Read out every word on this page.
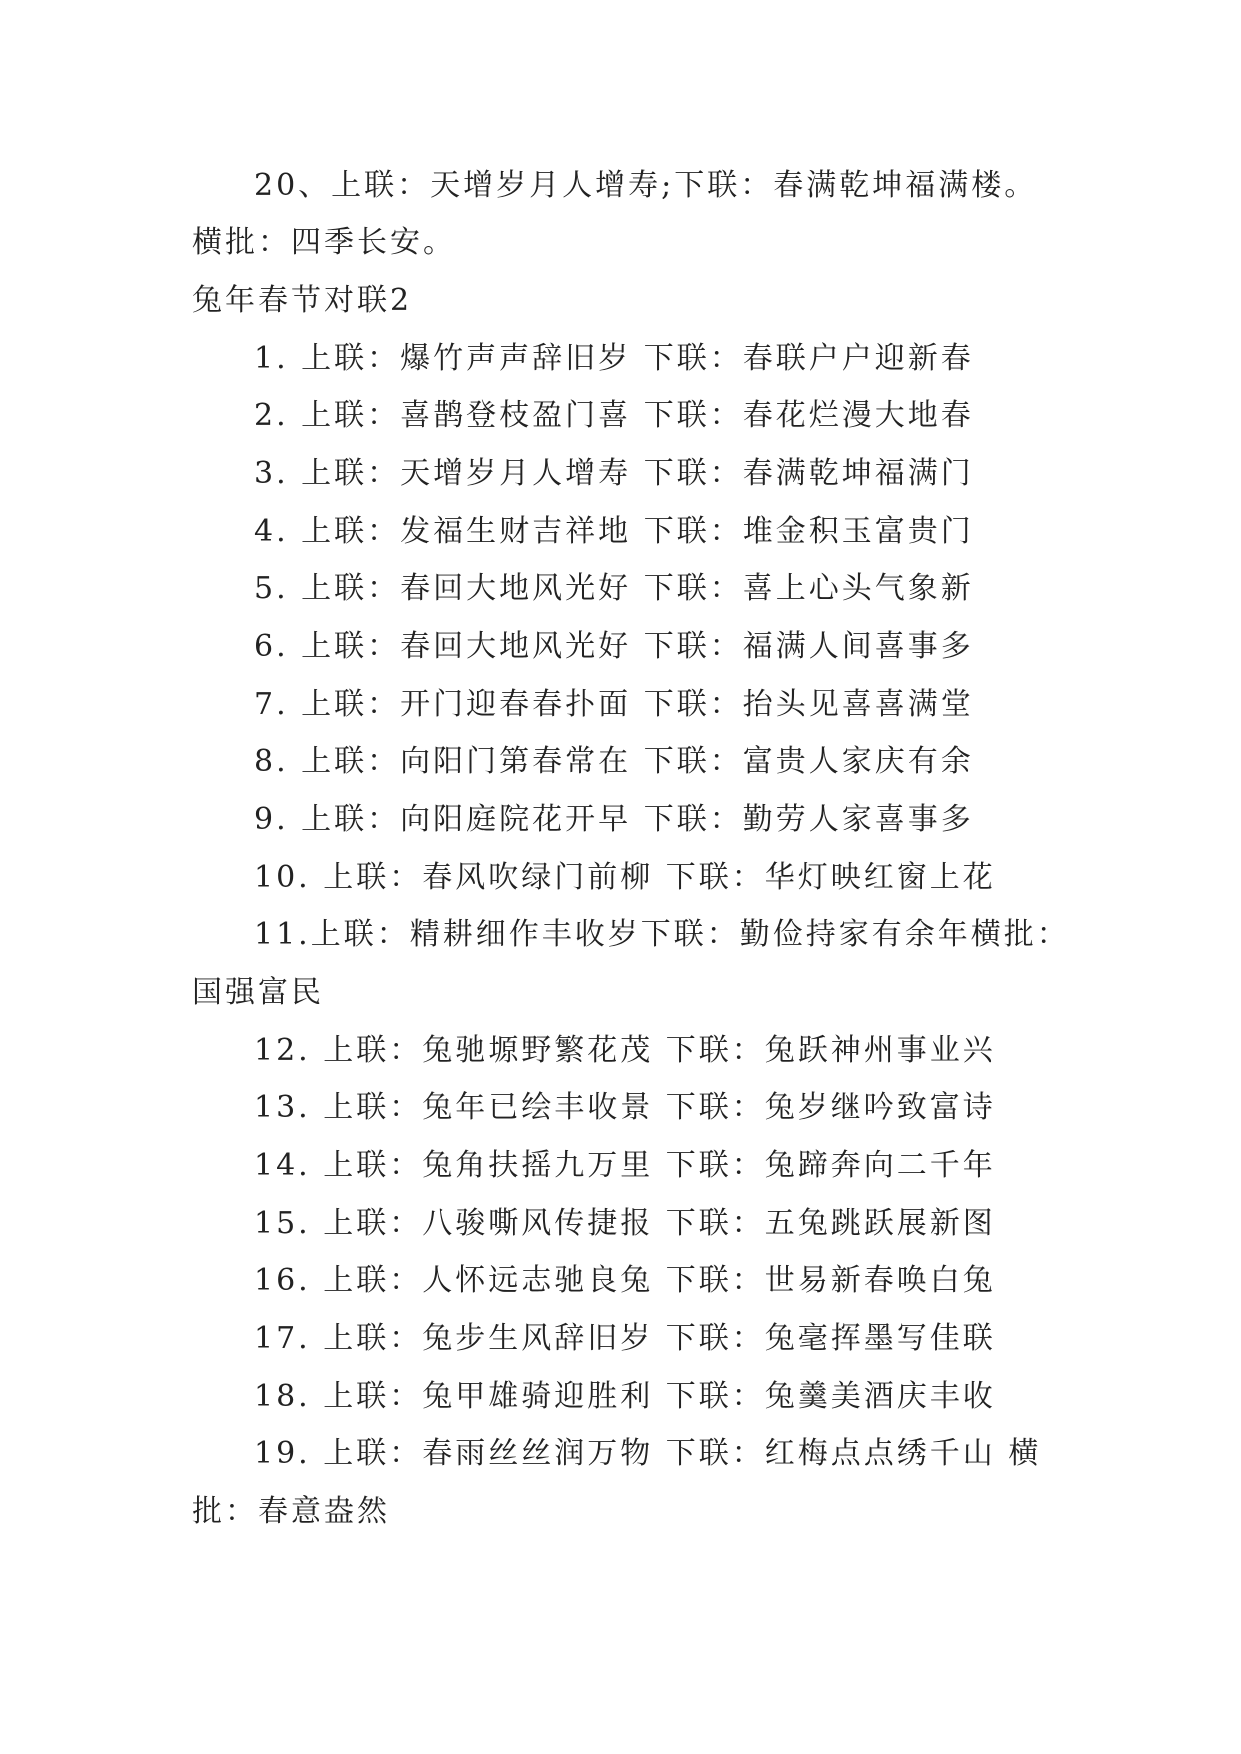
20、上联：天增岁月人增寿;下联：春满乾坤福满楼。
横批：四季长安。
兔年春节对联2
1. 上联：爆竹声声辞旧岁 下联：春联户户迎新春
2. 上联：喜鹊登枝盈门喜 下联：春花烂漫大地春
3. 上联：天增岁月人增寿 下联：春满乾坤福满门
4. 上联：发福生财吉祥地 下联：堆金积玉富贵门
5. 上联：春回大地风光好 下联：喜上心头气象新
6. 上联：春回大地风光好 下联：福满人间喜事多
7. 上联：开门迎春春扑面 下联：抬头见喜喜满堂
8. 上联：向阳门第春常在 下联：富贵人家庆有余
9. 上联：向阳庭院花开早 下联：勤劳人家喜事多
10. 上联：春风吹绿门前柳 下联：华灯映红窗上花
11.上联：精耕细作丰收岁下联：勤俭持家有余年横批：
国强富民
12. 上联：兔驰塬野繁花茂 下联：兔跃神州事业兴
13. 上联：兔年已绘丰收景 下联：兔岁继吟致富诗
14. 上联：兔角扶摇九万里 下联：兔蹄奔向二千年
15. 上联：八骏嘶风传捷报 下联：五兔跳跃展新图
16. 上联：人怀远志驰良兔 下联：世易新春唤白兔
17. 上联：兔步生风辞旧岁 下联：兔毫挥墨写佳联
18. 上联：兔甲雄骑迎胜利 下联：兔羹美酒庆丰收
19. 上联：春雨丝丝润万物 下联：红梅点点绣千山 横
批：春意盎然
